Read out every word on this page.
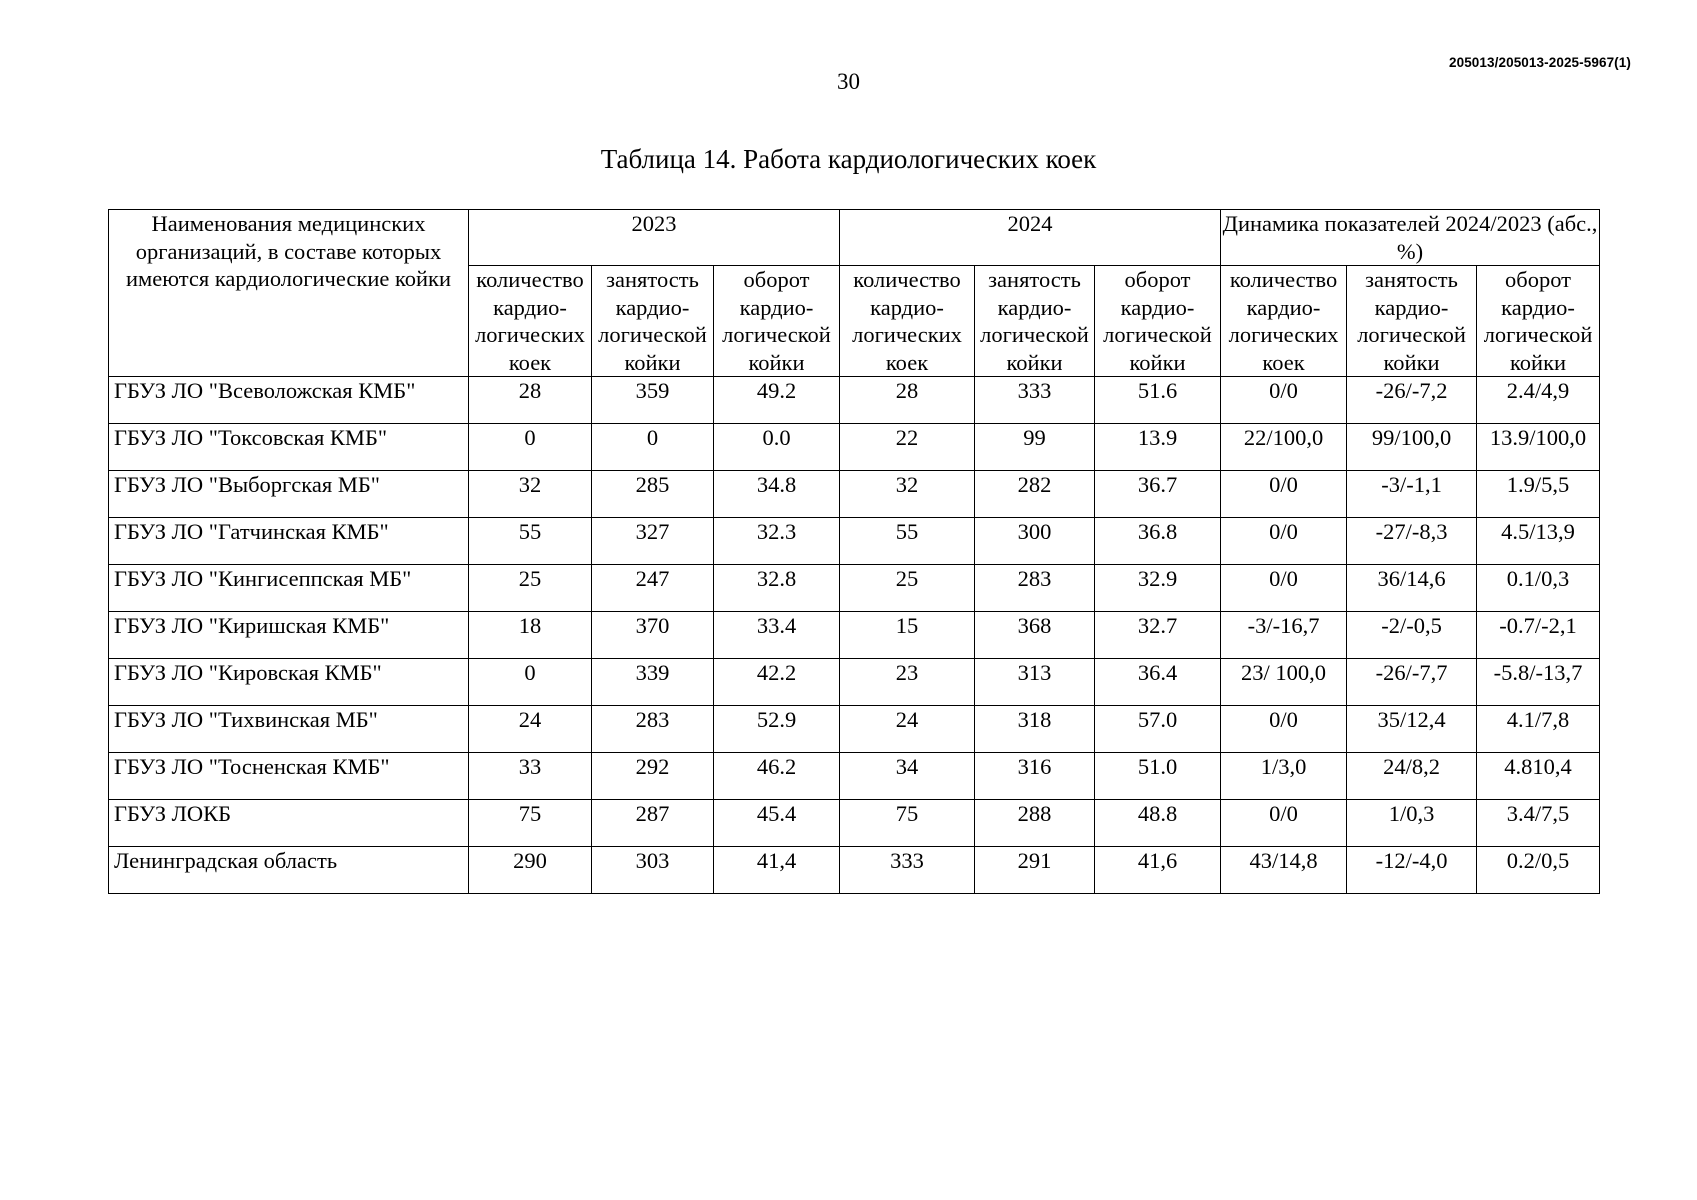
205013/205013-2025-5967(1)
30
Таблица 14. Работа кардиологических коек
Наименования медицинских организаций, в составе которых имеются кардиологические койки	2023			2024			Динамика показателей 2024/2023 (абс., %)		
	количество кардио-логических коек	занятость кардио-логической койки	оборот кардио-логической койки	количество кардио-логических коек	занятость кардио-логической койки	оборот кардио-логической койки	количество кардио-логических коек	занятость кардио-логической койки	оборот кардио-логической койки
ГБУЗ ЛО "Всеволожская КМБ"	28	359	49.2	28	333	51.6	0/0	-26/-7,2	2.4/4,9
ГБУЗ ЛО "Токсовская КМБ"	0	0	0.0	22	99	13.9	22/100,0	99/100,0	13.9/100,0
ГБУЗ ЛО "Выборгская МБ"	32	285	34.8	32	282	36.7	0/0	-3/-1,1	1.9/5,5
ГБУЗ ЛО "Гатчинская КМБ"	55	327	32.3	55	300	36.8	0/0	-27/-8,3	4.5/13,9
ГБУЗ ЛО "Кингисеппская МБ"	25	247	32.8	25	283	32.9	0/0	36/14,6	0.1/0,3
ГБУЗ ЛО "Киришская КМБ"	18	370	33.4	15	368	32.7	-3/-16,7	-2/-0,5	-0.7/-2,1
ГБУЗ ЛО "Кировская КМБ"	0	339	42.2	23	313	36.4	23/ 100,0	-26/-7,7	-5.8/-13,7
ГБУЗ ЛО "Тихвинская МБ"	24	283	52.9	24	318	57.0	0/0	35/12,4	4.1/7,8
ГБУЗ ЛО "Тосненская КМБ"	33	292	46.2	34	316	51.0	1/3,0	24/8,2	4.810,4
ГБУЗ ЛОКБ	75	287	45.4	75	288	48.8	0/0	1/0,3	3.4/7,5
Ленинградская область	290	303	41,4	333	291	41,6	43/14,8	-12/-4,0	0.2/0,5
